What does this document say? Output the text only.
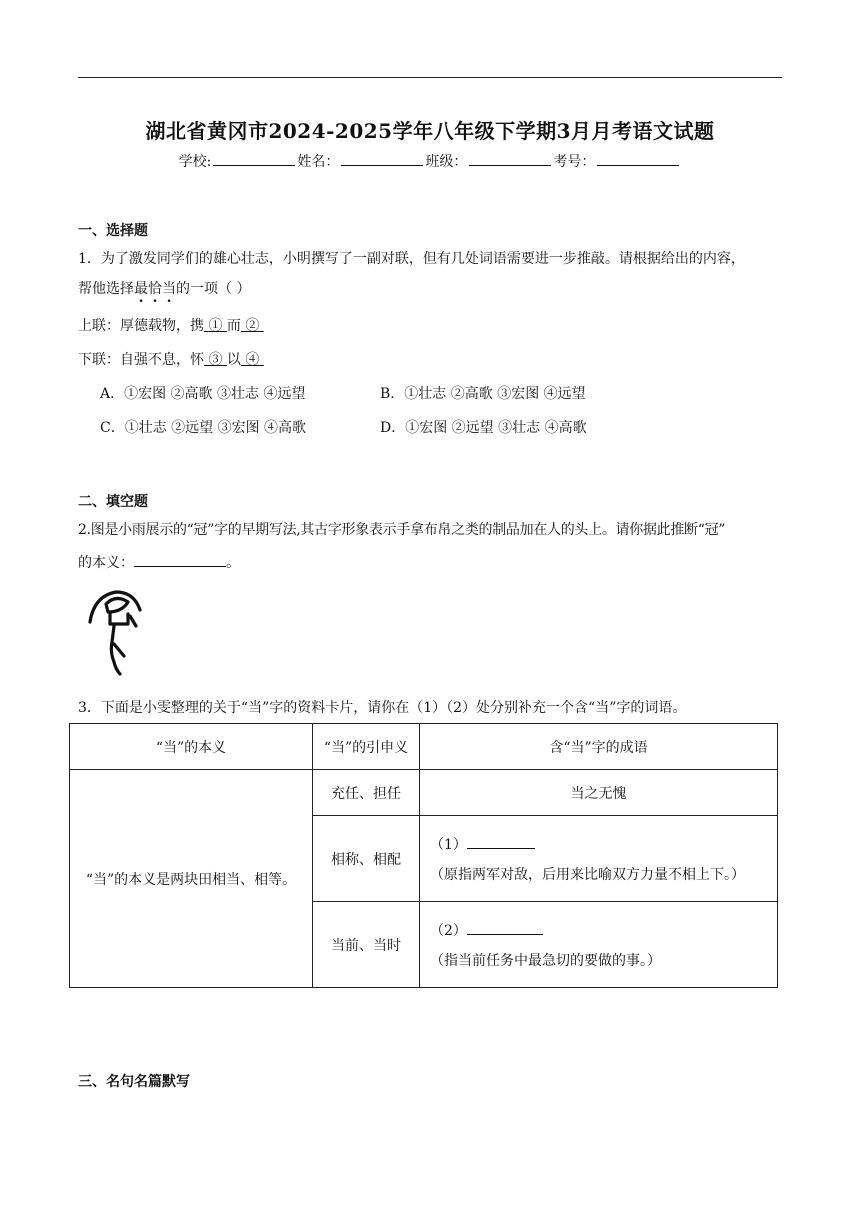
湖北省黄冈市2024-2025学年八年级下学期3月月考语文试题
学校:	姓名：	班级：	考号：
一、选择题
1．为了激发同学们的雄心壮志，小明撰写了一副对联，但有几处词语需要进一步推敲。请根据给出的内容，
帮他选择最恰当的一项（ ）
上联：厚德载物，携 ① 而 ②
下联：自强不息，怀 ③ 以 ④
A．①宏图 ②高歌 ③壮志 ④远望	B．①壮志 ②高歌 ③宏图 ④远望
C．①壮志 ②远望 ③宏图 ④高歌	D．①宏图 ②远望 ③壮志 ④高歌
二、填空题
2.图是小雨展示的“冠”字的早期写法,其古字形象表示手拿布帛之类的制品加在人的头上。请你据此推断“冠”
的本义：	。
3．下面是小雯整理的关于“当”字的资料卡片，请你在（1）（2）处分别补充一个含“当”字的词语。
“当”的本义	“当”的引申义	含“当”字的成语
“当”的本义是两块田相当、相等。	充任、担任	当之无愧
	相称、相配	（1）
（原指两军对敌，后用来比喻双方力量不相上下。）

	当前、当时	（2）
（指当前任务中最急切的要做的事。）
三、名句名篇默写
